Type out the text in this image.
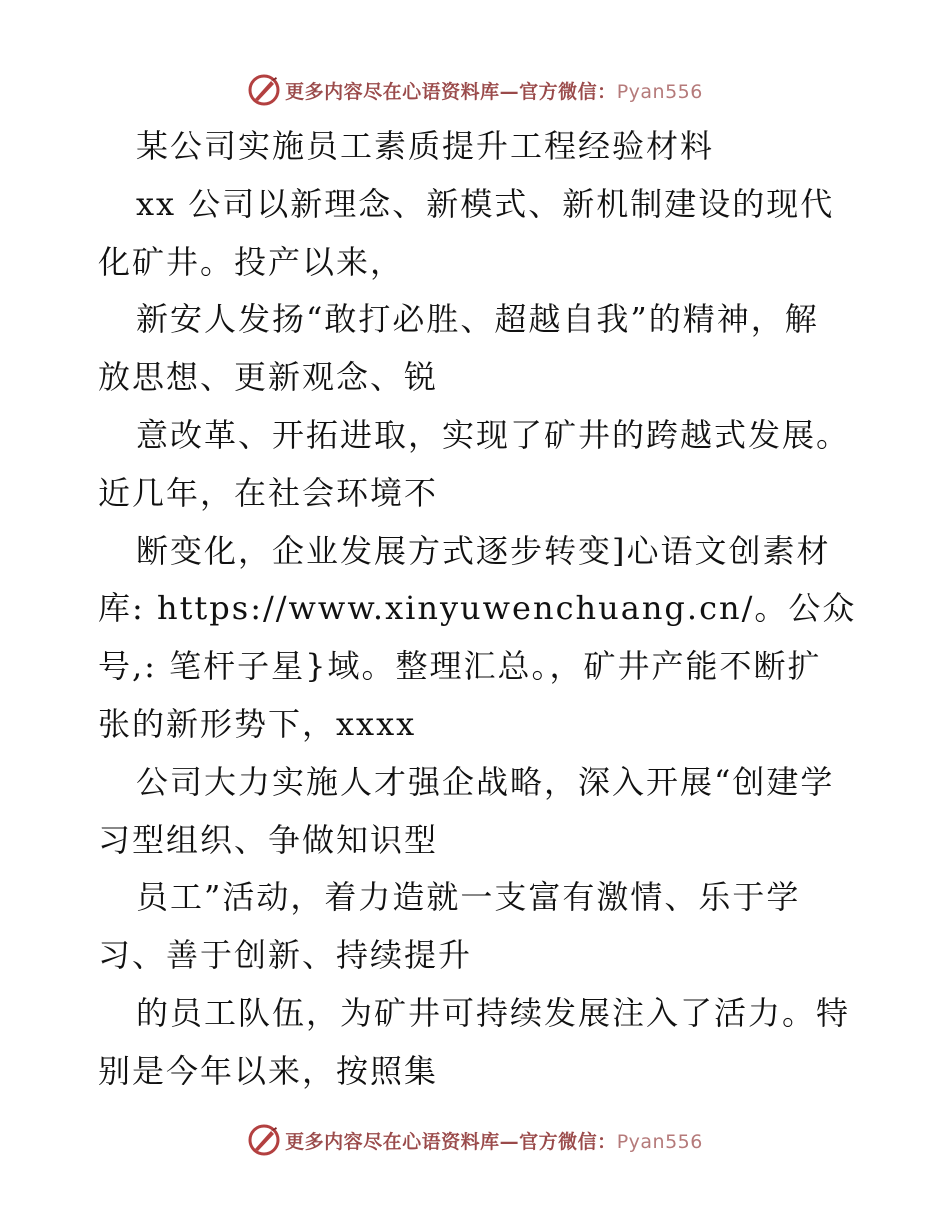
更多内容尽在心语资料库—官方微信：Pyan556
某公司实施员工素质提升工程经验材料
xx 公司以新理念、新模式、新机制建设的现代
化矿井。投产以来，
新安人发扬“敢打必胜、超越自我”的精神，解
放思想、更新观念、锐
意改革、开拓进取，实现了矿井的跨越式发展。
近几年，在社会环境不
断变化，企业发展方式逐步转变]心语文创素材
库: https://www.xinyuwenchuang.cn/。公众
号,: 笔杆子星}域。整理汇总。，矿井产能不断扩
张的新形势下，xxxx
公司大力实施人才强企战略，深入开展“创建学
习型组织、争做知识型
员工”活动，着力造就一支富有激情、乐于学
习、善于创新、持续提升
的员工队伍，为矿井可持续发展注入了活力。特
别是今年以来，按照集
更多内容尽在心语资料库—官方微信：Pyan556
